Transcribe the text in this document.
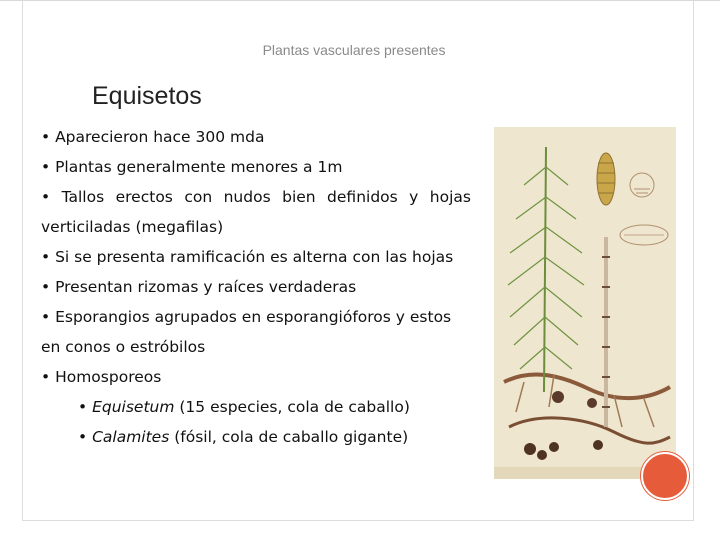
Plantas vasculares presentes
Equisetos

• Aparecieron hace 300 mda

• Plantas generalmente menores a 1m

• Tallos erectos con nudos bien definidos y hojas verticiladas (megafilas)

• Si se presenta ramificación es alterna con las hojas

• Presentan rizomas y raíces verdaderas

• Esporangios agrupados en esporangióforos y estos en conos o estróbilos

• Homosporeos

• Equisetum (15 especies, cola de caballo)

• Calamites (fósil, cola de caballo gigante)
